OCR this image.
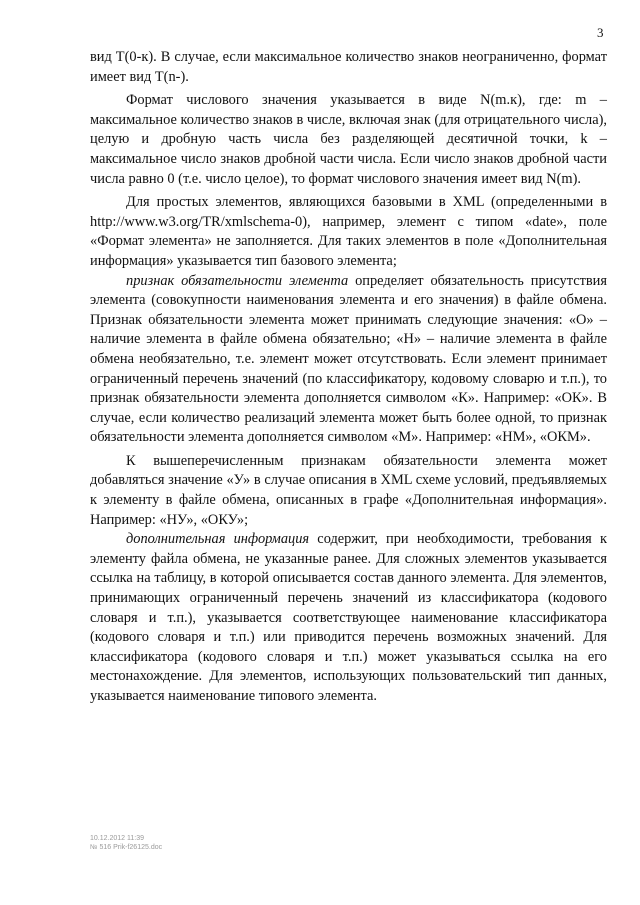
3

вид T(0-к). В случае, если максимальное количество знаков неограниченно, формат имеет вид T(n-).

Формат числового значения указывается в виде N(m.к), где: m – максимальное количество знаков в числе, включая знак (для отрицательного числа), целую и дробную часть числа без разделяющей десятичной точки, k – максимальное число знаков дробной части числа. Если число знаков дробной части числа равно 0 (т.е. число целое), то формат числового значения имеет вид N(m).

Для простых элементов, являющихся базовыми в XML (определенными в http://www.w3.org/TR/xmlschema-0), например, элемент с типом «date», поле «Формат элемента» не заполняется. Для таких элементов в поле «Дополнительная информация» указывается тип базового элемента;

признак обязательности элемента определяет обязательность присутствия элемента (совокупности наименования элемента и его значения) в файле обмена. Признак обязательности элемента может принимать следующие значения: «О» – наличие элемента в файле обмена обязательно; «Н» – наличие элемента в файле обмена необязательно, т.е. элемент может отсутствовать. Если элемент принимает ограниченный перечень значений (по классификатору, кодовому словарю и т.п.), то признак обязательности элемента дополняется символом «К». Например: «ОК». В случае, если количество реализаций элемента может быть более одной, то признак обязательности элемента дополняется символом «М». Например: «НМ», «ОКМ».

К вышеперечисленным признакам обязательности элемента может добавляться значение «У» в случае описания в XML схеме условий, предъявляемых к элементу в файле обмена, описанных в графе «Дополнительная информация». Например: «НУ», «ОКУ»;

дополнительная информация содержит, при необходимости, требования к элементу файла обмена, не указанные ранее. Для сложных элементов указывается ссылка на таблицу, в которой описывается состав данного элемента. Для элементов, принимающих ограниченный перечень значений из классификатора (кодового словаря и т.п.), указывается соответствующее наименование классификатора (кодового словаря и т.п.) или приводится перечень возможных значений. Для классификатора (кодового словаря и т.п.) может указываться ссылка на его местонахождение. Для элементов, использующих пользовательский тип данных, указывается наименование типового элемента.

10.12.2012 11:39
№ 516 Prik-f26125.doc
